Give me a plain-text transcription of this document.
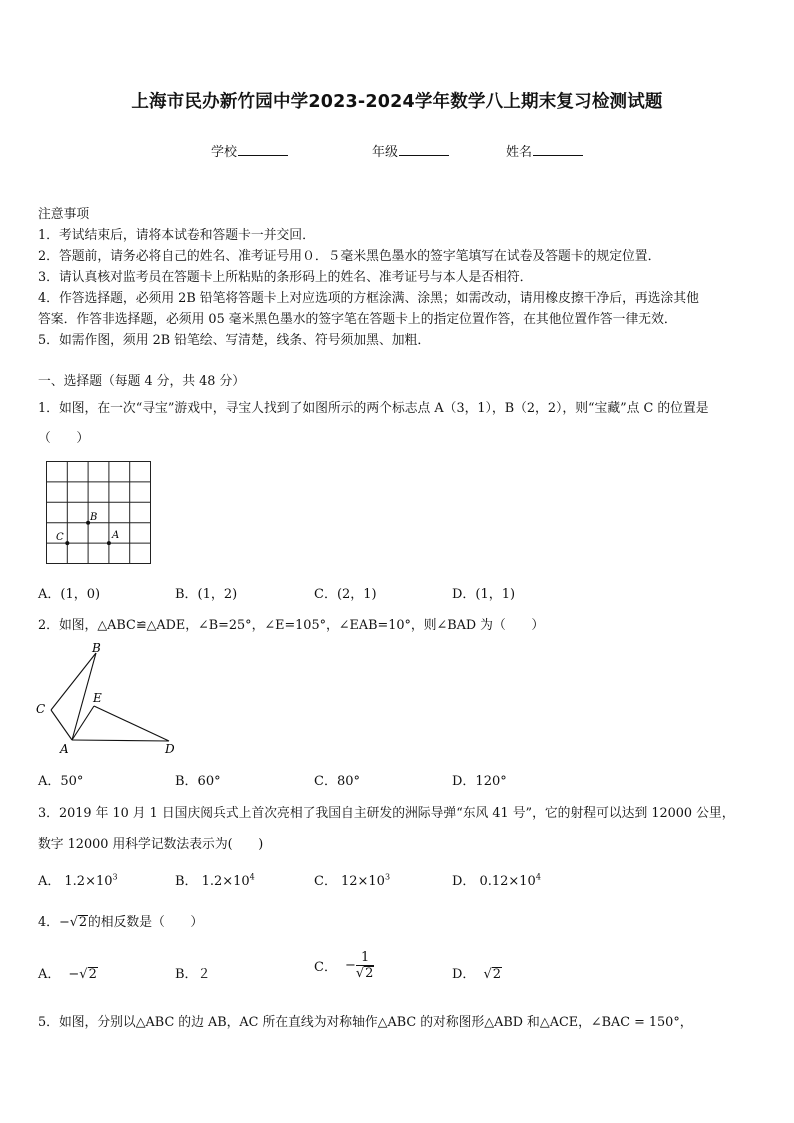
上海市民办新竹园中学2023-2024学年数学八上期末复习检测试题
学校	年级	姓名
注意事项
1．考试结束后，请将本试卷和答题卡一并交回．
2．答题前，请务必将自己的姓名、准考证号用０．５毫米黑色墨水的签字笔填写在试卷及答题卡的规定位置．
3．请认真核对监考员在答题卡上所粘贴的条形码上的姓名、准考证号与本人是否相符．
4．作答选择题，必须用 2B 铅笔将答题卡上对应选项的方框涂满、涂黑；如需改动，请用橡皮擦干净后，再选涂其他
答案．作答非选择题，必须用 05 毫米黑色墨水的签字笔在答题卡上的指定位置作答，在其他位置作答一律无效．
5．如需作图，须用 2B 铅笔绘、写清楚，线条、符号须加黑、加粗．
一、选择题（每题 4 分，共 48 分）
1．如图，在一次“寻宝”游戏中，寻宝人找到了如图所示的两个标志点 A（3，1），B（2，2），则“宝藏”点 C 的位置是
（　　）
C
B
A
A．(1，0)	B．(1，2)	C．(2，1)	D．(1，1)
2．如图，△ABC≌△ADE，∠B=25°，∠E=105°，∠EAB=10°，则∠BAD 为（　　）
B
C
E
A	D
A．50°	B．60°	C．80°	D．120°
3．2019 年 10 月 1 日国庆阅兵式上首次亮相了我国自主研发的洲际导弹“东风 41 号”，它的射程可以达到 12000 公里，
数字 12000 用科学记数法表示为(　　)
A． $1.2\times 10^3$	B． $1.2\times 10^4$	C． $12\times 10^3$	D． $0.12\times 10^4$
4．−√2的相反数是（　　）
A． −√2	B．２	C． − $\frac{1}{√2}$	D． √2
5．如图，分别以△ABC 的边 AB，AC 所在直线为对称轴作△ABC 的对称图形△ABD 和△ACE，∠BAC = 150°，
